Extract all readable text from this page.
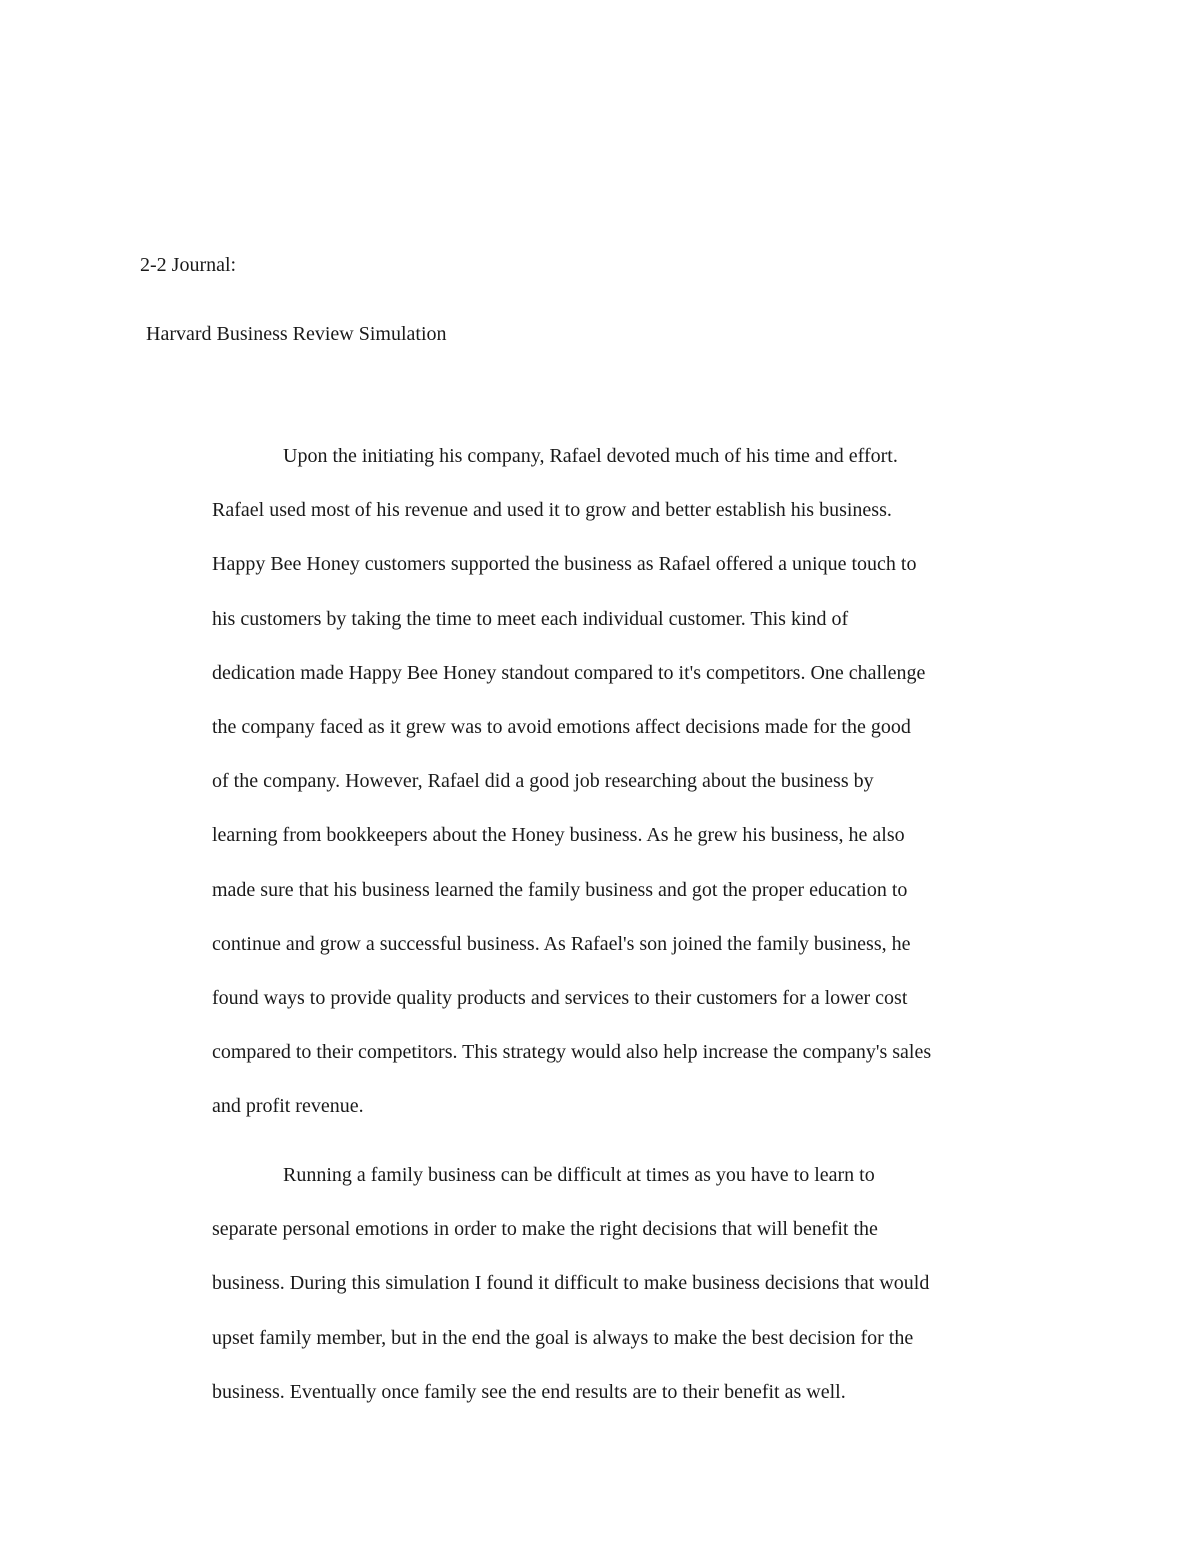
2-2 Journal:
Harvard Business Review Simulation
Upon the initiating his company, Rafael devoted much of his time and effort.
Rafael used most of his revenue and used it to grow and better establish his business.
Happy Bee Honey customers supported the business as Rafael offered a unique touch to
his customers by taking the time to meet each individual customer. This kind of
dedication made Happy Bee Honey standout compared to it's competitors. One challenge
the company faced as it grew was to avoid emotions affect decisions made for the good
of the company. However, Rafael did a good job researching about the business by
learning from bookkeepers about the Honey business. As he grew his business, he also
made sure that his business learned the family business and got the proper education to
continue and grow a successful business. As Rafael's son joined the family business, he
found ways to provide quality products and services to their customers for a lower cost
compared to their competitors. This strategy would also help increase the company's sales
and profit revenue.
Running a family business can be difficult at times as you have to learn to
separate personal emotions in order to make the right decisions that will benefit the
business. During this simulation I found it difficult to make business decisions that would
upset family member, but in the end the goal is always to make the best decision for the
business. Eventually once family see the end results are to their benefit as well.
